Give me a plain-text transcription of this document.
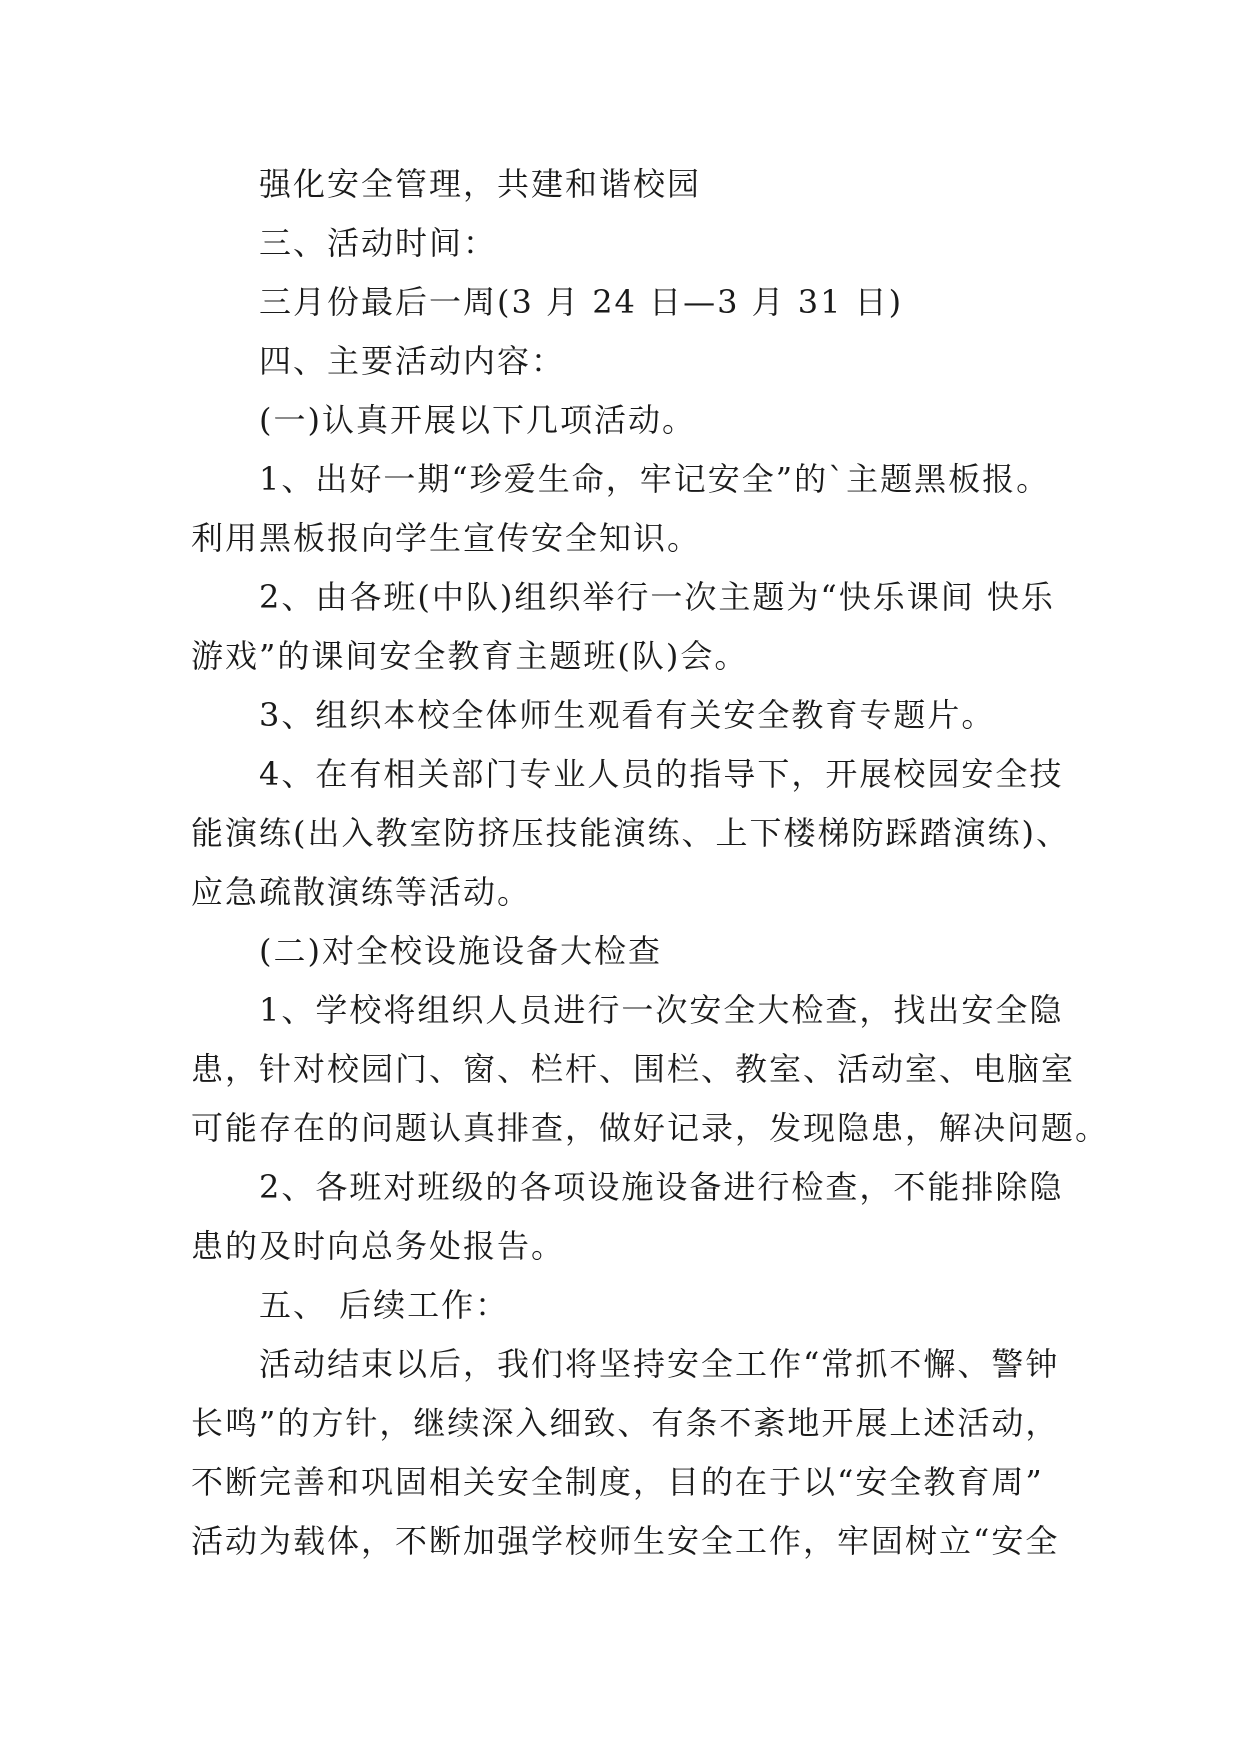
强化安全管理，共建和谐校园
三、活动时间：
三月份最后一周(3 月 24 日—3 月 31 日)
四、主要活动内容：
(一)认真开展以下几项活动。
1、出好一期“珍爱生命，牢记安全”的`主题黑板报。
利用黑板报向学生宣传安全知识。
2、由各班(中队)组织举行一次主题为“快乐课间 快乐
游戏”的课间安全教育主题班(队)会。
3、组织本校全体师生观看有关安全教育专题片。
4、在有相关部门专业人员的指导下，开展校园安全技
能演练(出入教室防挤压技能演练、上下楼梯防踩踏演练)、
应急疏散演练等活动。
(二)对全校设施设备大检查
1、学校将组织人员进行一次安全大检查，找出安全隐
患，针对校园门、窗、栏杆、围栏、教室、活动室、电脑室
可能存在的问题认真排查，做好记录，发现隐患，解决问题。
2、各班对班级的各项设施设备进行检查，不能排除隐
患的及时向总务处报告。
五、 后续工作：
活动结束以后，我们将坚持安全工作“常抓不懈、警钟
长鸣”的方针，继续深入细致、有条不紊地开展上述活动，
不断完善和巩固相关安全制度，目的在于以“安全教育周”
活动为载体，不断加强学校师生安全工作，牢固树立“安全
